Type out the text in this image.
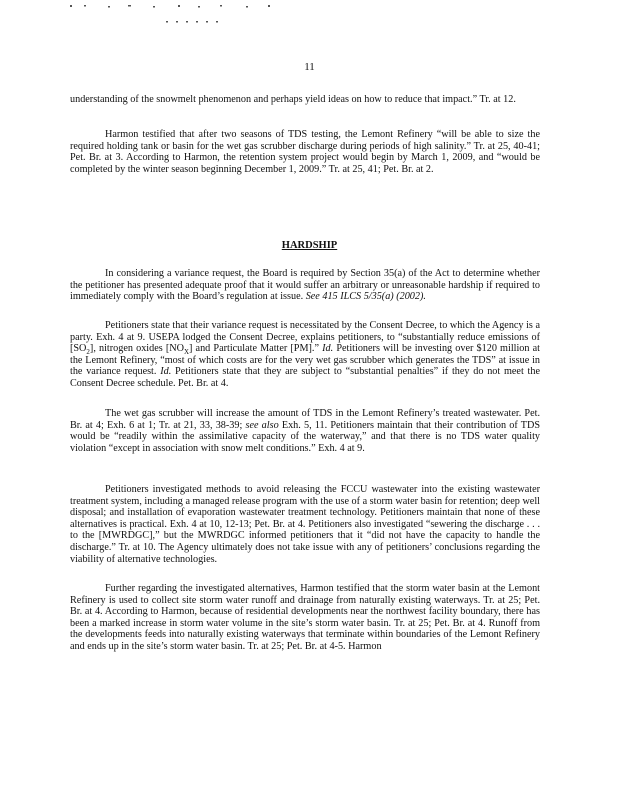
11

understanding of the snowmelt phenomenon and perhaps yield ideas on how to reduce that impact.” Tr. at 12.

Harmon testified that after two seasons of TDS testing, the Lemont Refinery “will be able to size the required holding tank or basin for the wet gas scrubber discharge during periods of high salinity.” Tr. at 25, 40-41; Pet. Br. at 3. According to Harmon, the retention system project would begin by March 1, 2009, and “would be completed by the winter season beginning December 1, 2009.” Tr. at 25, 41; Pet. Br. at 2.

HARDSHIP

In considering a variance request, the Board is required by Section 35(a) of the Act to determine whether the petitioner has presented adequate proof that it would suffer an arbitrary or unreasonable hardship if required to immediately comply with the Board’s regulation at issue. See 415 ILCS 5/35(a) (2002).

Petitioners state that their variance request is necessitated by the Consent Decree, to which the Agency is a party. Exh. 4 at 9. USEPA lodged the Consent Decree, explains petitioners, to “substantially reduce emissions of $[SO_2]$, nitrogen oxides $[NO_X]$ and Particulate Matter [PM].” Id. Petitioners will be investing over $120 million at the Lemont Refinery, “most of which costs are for the very wet gas scrubber which generates the TDS” at issue in the variance request. Id. Petitioners state that they are subject to “substantial penalties” if they do not meet the Consent Decree schedule. Pet. Br. at 4.

The wet gas scrubber will increase the amount of TDS in the Lemont Refinery’s treated wastewater. Pet. Br. at 4; Exh. 6 at 1; Tr. at 21, 33, 38-39; see also Exh. 5, 11. Petitioners maintain that their contribution of TDS would be “readily within the assimilative capacity of the waterway,” and that there is no TDS water quality violation “except in association with snow melt conditions.” Exh. 4 at 9.

Petitioners investigated methods to avoid releasing the FCCU wastewater into the existing wastewater treatment system, including a managed release program with the use of a storm water basin for retention; deep well disposal; and installation of evaporation wastewater treatment technology. Petitioners maintain that none of these alternatives is practical. Exh. 4 at 10, 12-13; Pet. Br. at 4. Petitioners also investigated “sewering the discharge . . . to the [MWRDGC],” but the MWRDGC informed petitioners that it “did not have the capacity to handle the discharge.” Tr. at 10. The Agency ultimately does not take issue with any of petitioners’ conclusions regarding the viability of alternative technologies.

Further regarding the investigated alternatives, Harmon testified that the storm water basin at the Lemont Refinery is used to collect site storm water runoff and drainage from naturally existing waterways. Tr. at 25; Pet. Br. at 4. According to Harmon, because of residential developments near the northwest facility boundary, there has been a marked increase in storm water volume in the site’s storm water basin. Tr. at 25; Pet. Br. at 4. Runoff from the developments feeds into naturally existing waterways that terminate within boundaries of the Lemont Refinery and ends up in the site’s storm water basin. Tr. at 25; Pet. Br. at 4-5. Harmon
